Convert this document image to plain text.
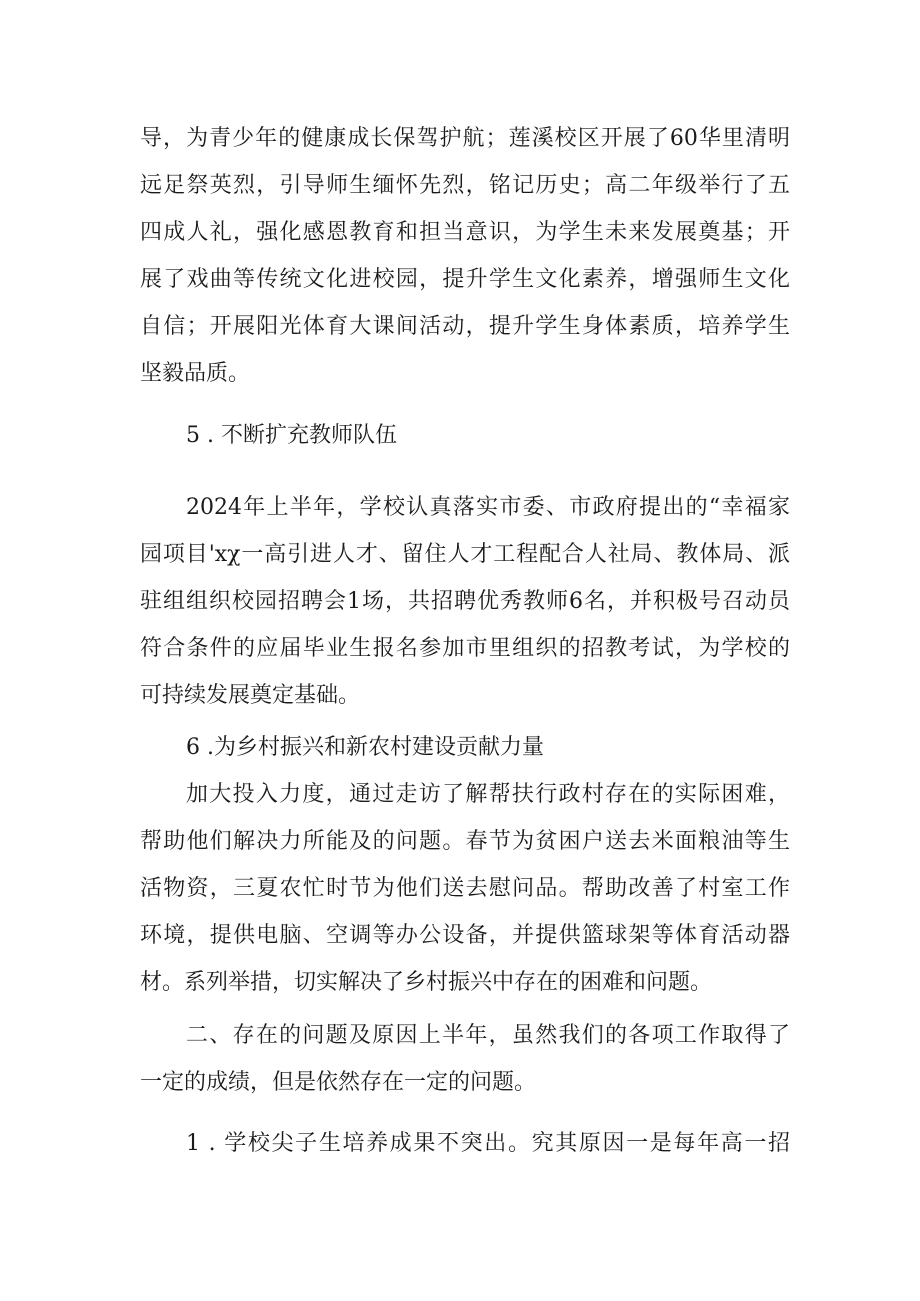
导，为青少年的健康成长保驾护航；莲溪校区开展了60华里清明
远足祭英烈，引导师生缅怀先烈，铭记历史；高二年级举行了五
四成人礼，强化感恩教育和担当意识，为学生未来发展奠基；开
展了戏曲等传统文化进校园，提升学生文化素养，增强师生文化
自信；开展阳光体育大课间活动，提升学生身体素质，培养学生
坚毅品质。
5 . 不断扩充教师队伍
2024年上半年，学校认真落实市委、市政府提出的“幸福家
园项目'xχ一高引进人才、留住人才工程配合人社局、教体局、派
驻组组织校园招聘会1场，共招聘优秀教师6名，并积极号召动员
符合条件的应届毕业生报名参加市里组织的招教考试，为学校的
可持续发展奠定基础。
6 .为乡村振兴和新农村建设贡献力量
加大投入力度，通过走访了解帮扶行政村存在的实际困难，
帮助他们解决力所能及的问题。春节为贫困户送去米面粮油等生
活物资，三夏农忙时节为他们送去慰问品。帮助改善了村室工作
环境，提供电脑、空调等办公设备，并提供篮球架等体育活动器
材。系列举措，切实解决了乡村振兴中存在的困难和问题。
二、存在的问题及原因上半年，虽然我们的各项工作取得了
一定的成绩，但是依然存在一定的问题。
1 . 学校尖子生培养成果不突出。究其原因一是每年高一招
